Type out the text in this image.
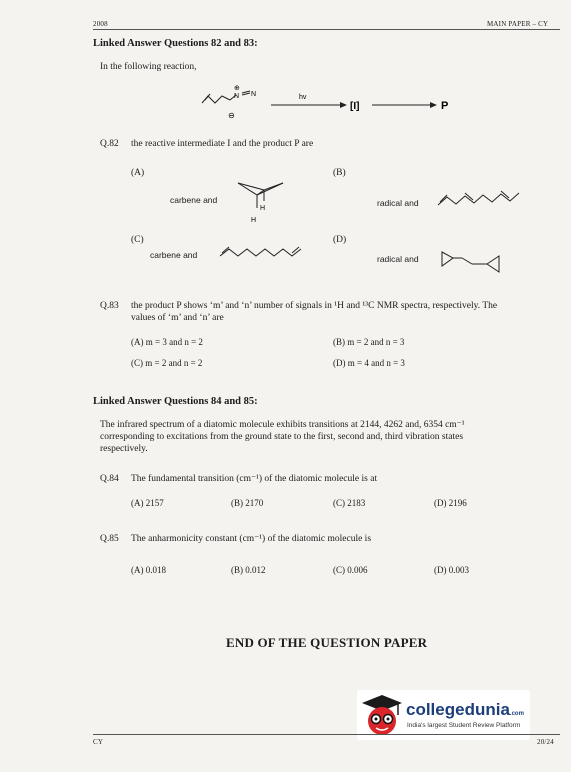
2008	MAIN PAPER – CY
Linked Answer Questions 82 and 83:
In the following reaction,
N N
⊕
⊖
hv
[I]	P
Q.82 the reactive intermediate I and the product P are
(A)
carbene and
H
H
(B)
radical and
(C)
carbene and
(D)
radical and
Q.83 the product P shows ‘m’ and ‘n’ number of signals in ¹H and ¹³C NMR spectra, respectively. The
values of ‘m’ and ‘n’ are
(A) m = 3 and n = 2	(B) m = 2 and n = 3
(C) m = 2 and n = 2	(D) m = 4 and n = 3
Linked Answer Questions 84 and 85:
The infrared spectrum of a diatomic molecule exhibits transitions at 2144, 4262 and, 6354 cm⁻¹
corresponding to excitations from the ground state to the first, second and, third vibration states
respectively.
Q.84 The fundamental transition (cm⁻¹) of the diatomic molecule is at
(A) 2157	(B) 2170	(C) 2183	(D) 2196
Q.85 The anharmonicity constant (cm⁻¹) of the diatomic molecule is
(A) 0.018	(B) 0.012	(C) 0.006	(D) 0.003
END OF THE QUESTION PAPER
collegedunia.com
India's largest Student Review Platform
CY	20/24
